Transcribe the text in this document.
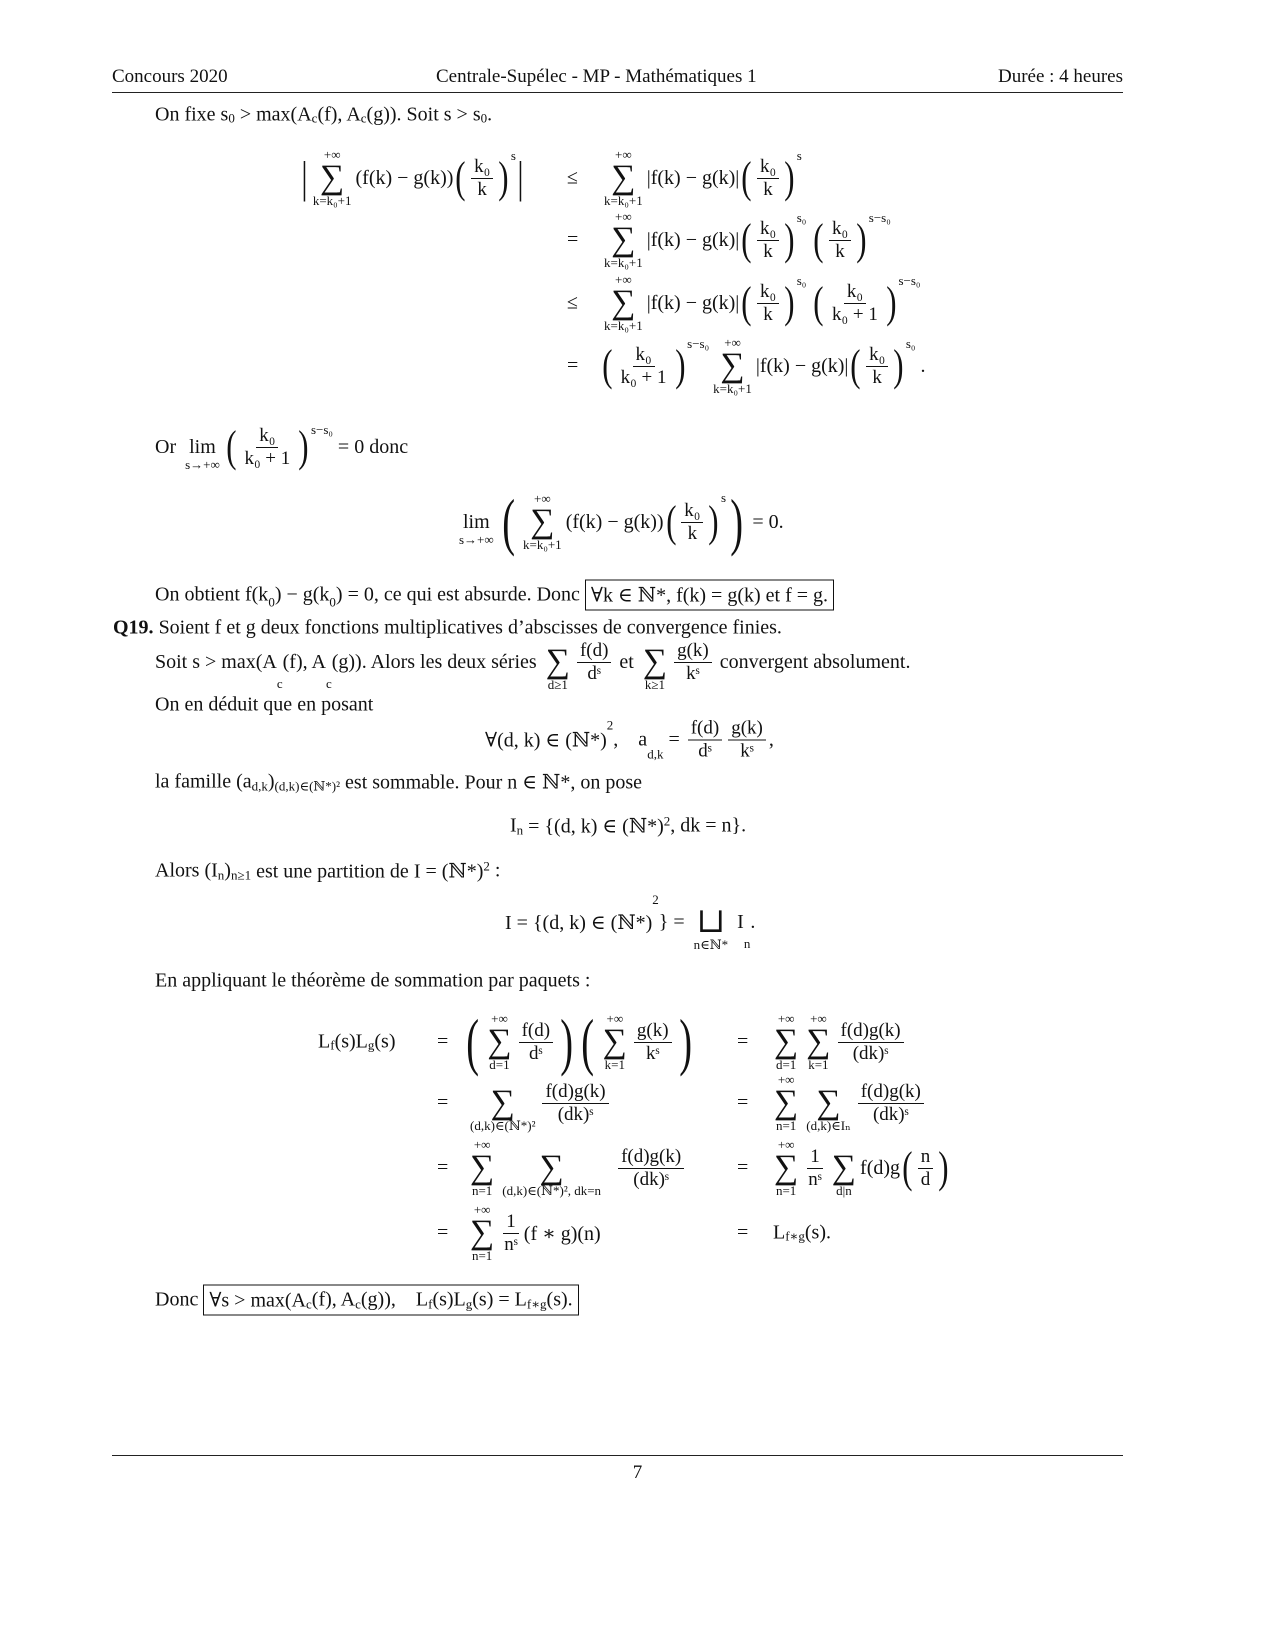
Concours 2020	Centrale-Supélec - MP - Mathématiques 1	Durée : 4 heures
On fixe s 0 > max(A c (f), A c (g)). Soit s > s 0 .
| +∞
∑
k=k₀+1
(f(k) − g(k)) ( $\frac{\text{k₀}}{k}$ ) s | ≤
+∞
∑
k=k₀+1
|f(k) − g(k)| ( $\frac{\text{k₀}}{k}$ ) s
=
+∞
∑
k=k₀+1
|f(k) − g(k)| ( $\frac{\text{k₀}}{k}$ ) s₀
( $\frac{\text{k₀}}{k}$ ) s−s₀
≤
+∞
∑
k=k₀+1
|f(k) − g(k)| ( $\frac{\text{k₀}}{k}$ ) s₀
( $\frac{\text{k₀}}{\text{k₀ + 1}}$ ) s−s₀
= ( $\frac{\text{k₀}}{\text{k₀ + 1}}$ ) s−s₀ +∞
∑
k=k₀+1
|f(k) − g(k)| ( $\frac{\text{k₀}}{k}$ ) s₀
.
Or lim
s→+∞ ( $\frac{\text{k₀}}{\text{k₀ + 1}}$ ) s−s₀
= 0 donc
lim
s→+∞ ( +∞
∑
k=k₀+1
(f(k) − g(k)) ( $\frac{\text{k₀}}{k}$ ) s ) = 0.
On obtient f(k 0 ) − g(k 0 ) = 0, ce qui est absurde. Donc ∀k ∈ ℕ*, f(k) = g(k) et f = g.
Q19. Soient f et g deux fonctions multiplicatives d’abscisses de convergence finies.
Soit s > max(A
c
(f), A
c
(g)). Alors les deux séries ∑
$d\ge 1 \frac{f(d)}{\text{dˢ}}$ et ∑
$k\ge 1 \frac{g(k)}{\text{kˢ}}$ convergent absolument.
On en déduit que en posant
∀(d, k) ∈ (ℕ*)
2
,    a
d,k
= $\frac{f(d)}{\text{dˢ}} \frac{g(k)}{\text{kˢ}}$ ,
la famille (a d,k ) (d,k)∈(ℕ*)² est sommable. Pour n ∈ ℕ*, on pose
I n = {(d, k) ∈ (ℕ*) 2 , dk = n}.
Alors (I n ) n≥1 est une partition de I = (ℕ*) 2 :
I = {(d, k) ∈ (ℕ*)
2
} = ⊔
n∈ℕ*
I
n
.
En appliquant le théorème de sommation par paquets :
L f (s)L g (s) = ( +∞
∑
$d=1 \frac{f(d)}{\text{dˢ}}$ ) ( +∞
∑
$k=1 \frac{g(k)}{\text{kˢ}}$ ) =
+∞
∑
d=1
+∞
∑
$k=1 \frac{f(d)g(k)}{\text{(dk)ˢ}}$
= ∑
(d,k)∈(ℕ*)² $\frac{f(d)g(k)}{\text{(dk)ˢ}}$	=
+∞
∑
n=1
∑
(d,k)∈Iₙ $\frac{f(d)g(k)}{\text{(dk)ˢ}}$
=
+∞
∑
n=1
∑
(d,k)∈(ℕ*)², dk=n
$\frac{f(d)g(k)}{\text{(dk)ˢ}}$	=
+∞
∑
$n=1 \frac{1}{\text{nˢ}}$ ∑
d|n
f(d)g ( $\frac{n}{d}$ )
=
+∞
∑
$n=1 \frac{1}{\text{nˢ}} (f$ ∗ g)(n)	= L f∗g (s).
Donc ∀s > max(A c (f), A c (g)),    L f (s)L g (s) = L f∗g (s).
7
